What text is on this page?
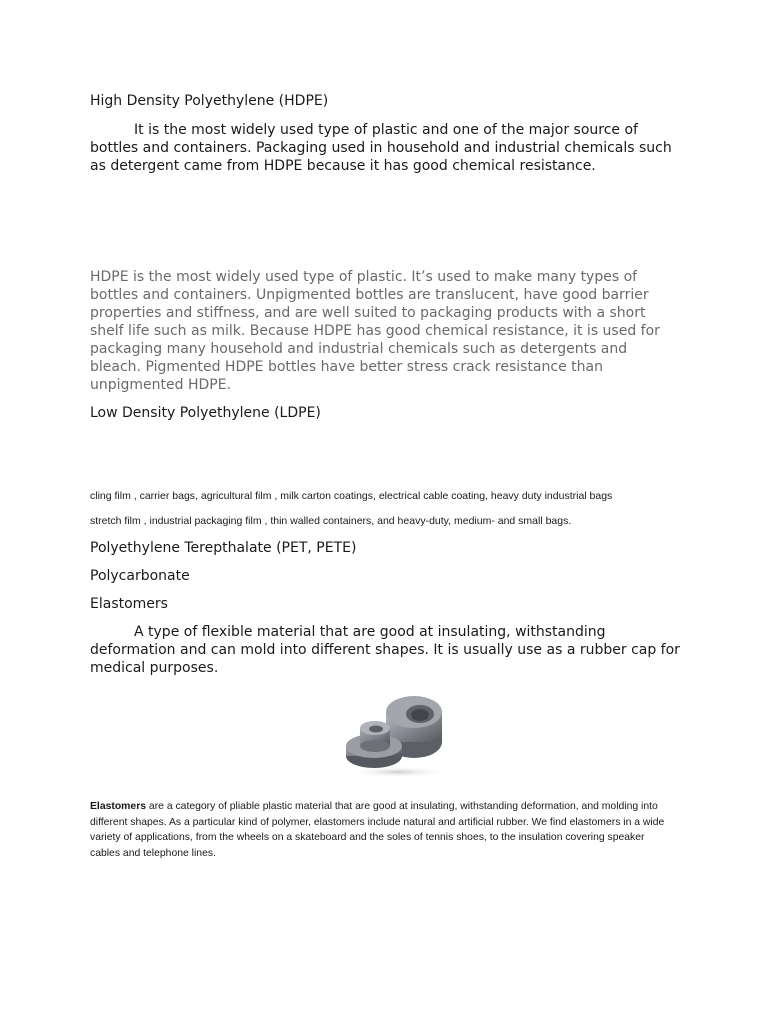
High Density Polyethylene (HDPE)

It is the most widely used type of plastic and one of the major source of bottles and containers. Packaging used in household and industrial chemicals such as detergent came from HDPE because it has good chemical resistance.

HDPE is the most widely used type of plastic. It’s used to make many types of bottles and containers. Unpigmented bottles are translucent, have good barrier properties and stiffness, and are well suited to packaging products with a short shelf life such as milk. Because HDPE has good chemical resistance, it is used for packaging many household and industrial chemicals such as detergents and bleach. Pigmented HDPE bottles have better stress crack resistance than unpigmented HDPE.

Low Density Polyethylene (LDPE)

cling film , carrier bags, agricultural film , milk carton coatings, electrical cable coating, heavy duty industrial bags

stretch film , industrial packaging film , thin walled containers, and heavy-duty, medium- and small bags.

Polyethylene Terepthalate (PET, PETE)

Polycarbonate

Elastomers

A type of flexible material that are good at insulating, withstanding deformation and can mold into different shapes. It is usually use as a rubber cap for medical purposes.

Elastomers are a category of pliable plastic material that are good at insulating, withstanding deformation, and molding into different shapes. As a particular kind of polymer, elastomers include natural and artificial rubber. We find elastomers in a wide variety of applications, from the wheels on a skateboard and the soles of tennis shoes, to the insulation covering speaker cables and telephone lines.
